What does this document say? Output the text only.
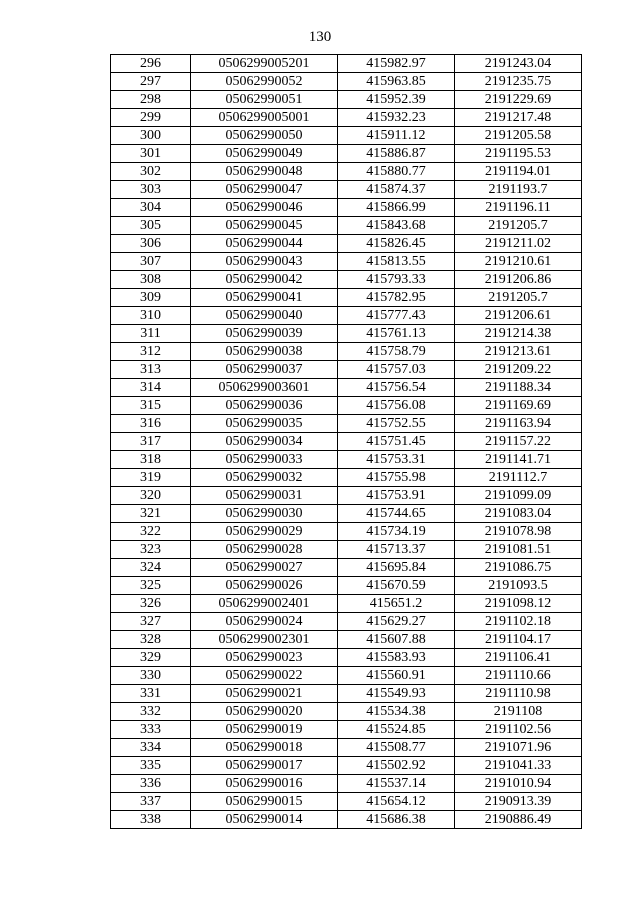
130
296	0506299005201	415982.97	2191243.04
297	05062990052	415963.85	2191235.75
298	05062990051	415952.39	2191229.69
299	0506299005001	415932.23	2191217.48
300	05062990050	415911.12	2191205.58
301	05062990049	415886.87	2191195.53
302	05062990048	415880.77	2191194.01
303	05062990047	415874.37	2191193.7
304	05062990046	415866.99	2191196.11
305	05062990045	415843.68	2191205.7
306	05062990044	415826.45	2191211.02
307	05062990043	415813.55	2191210.61
308	05062990042	415793.33	2191206.86
309	05062990041	415782.95	2191205.7
310	05062990040	415777.43	2191206.61
311	05062990039	415761.13	2191214.38
312	05062990038	415758.79	2191213.61
313	05062990037	415757.03	2191209.22
314	0506299003601	415756.54	2191188.34
315	05062990036	415756.08	2191169.69
316	05062990035	415752.55	2191163.94
317	05062990034	415751.45	2191157.22
318	05062990033	415753.31	2191141.71
319	05062990032	415755.98	2191112.7
320	05062990031	415753.91	2191099.09
321	05062990030	415744.65	2191083.04
322	05062990029	415734.19	2191078.98
323	05062990028	415713.37	2191081.51
324	05062990027	415695.84	2191086.75
325	05062990026	415670.59	2191093.5
326	0506299002401	415651.2	2191098.12
327	05062990024	415629.27	2191102.18
328	0506299002301	415607.88	2191104.17
329	05062990023	415583.93	2191106.41
330	05062990022	415560.91	2191110.66
331	05062990021	415549.93	2191110.98
332	05062990020	415534.38	2191108
333	05062990019	415524.85	2191102.56
334	05062990018	415508.77	2191071.96
335	05062990017	415502.92	2191041.33
336	05062990016	415537.14	2191010.94
337	05062990015	415654.12	2190913.39
338	05062990014	415686.38	2190886.49
